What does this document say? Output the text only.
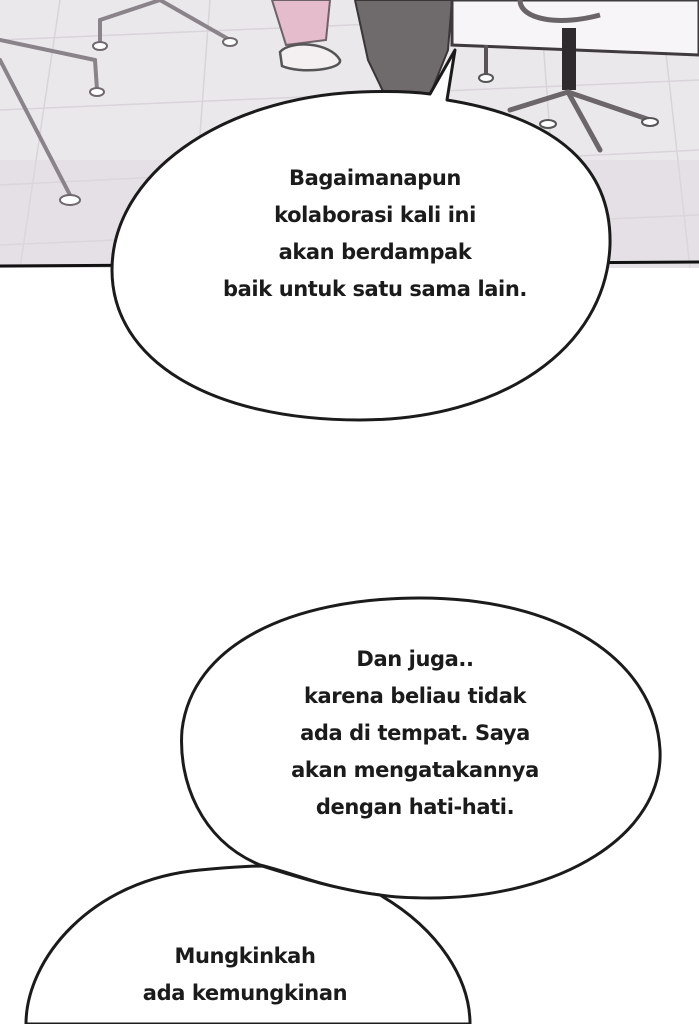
Bagaimanapun
kolaborasi kali ini
akan berdampak
baik untuk satu sama lain.

Dan juga..
karena beliau tidak
ada di tempat. Saya
akan mengatakannya
dengan hati-hati.

Mungkinkah
ada kemungkinan
